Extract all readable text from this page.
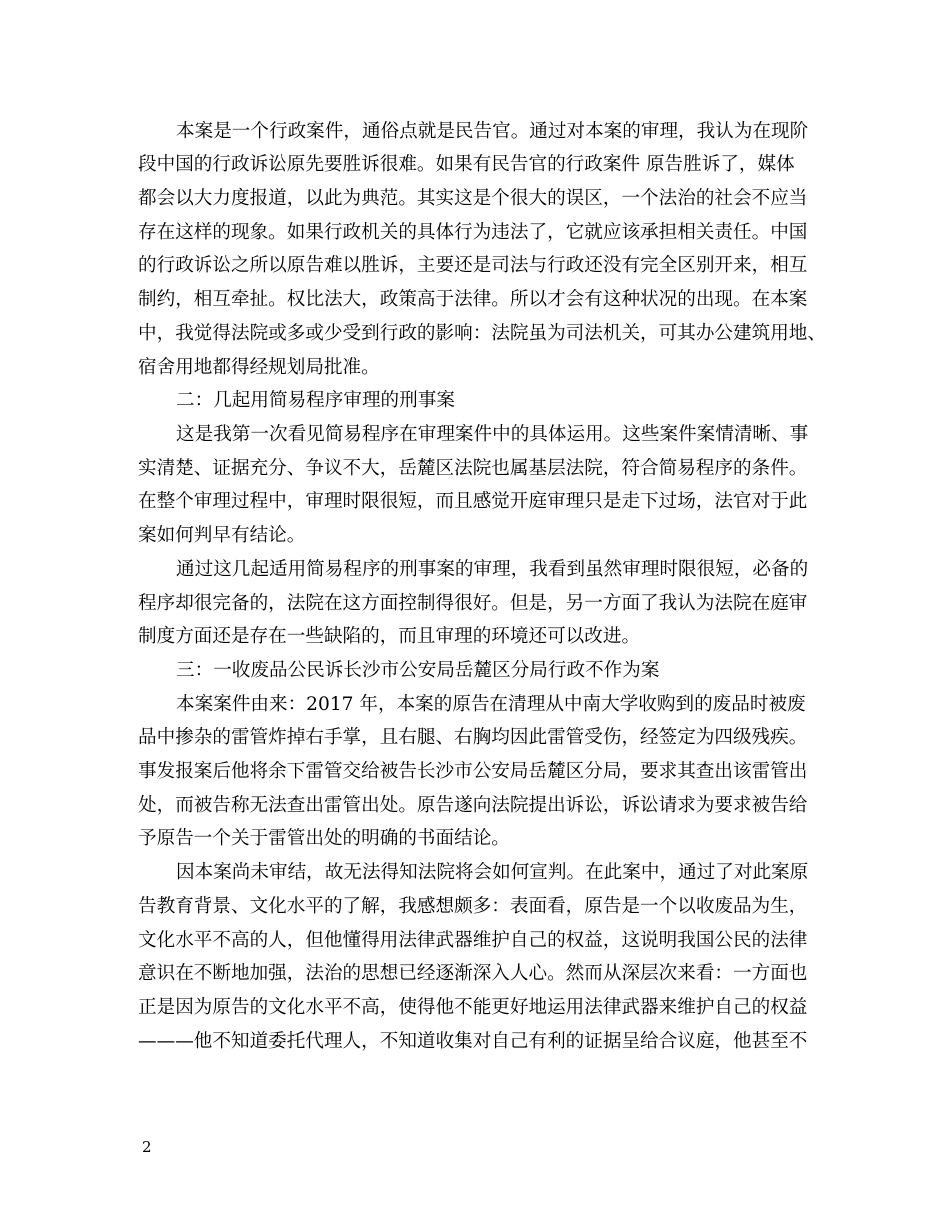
本案是一个行政案件，通俗点就是民告官。通过对本案的审理，我认为在现阶
段中国的行政诉讼原先要胜诉很难。如果有民告官的行政案件 原告胜诉了，媒体
都会以大力度报道，以此为典范。其实这是个很大的误区，一个法治的社会不应当
存在这样的现象。如果行政机关的具体行为违法了，它就应该承担相关责任。中国
的行政诉讼之所以原告难以胜诉，主要还是司法与行政还没有完全区别开来，相互
制约，相互牵扯。权比法大，政策高于法律。所以才会有这种状况的出现。在本案
中，我觉得法院或多或少受到行政的影响：法院虽为司法机关，可其办公建筑用地、
宿舍用地都得经规划局批准。
二：几起用简易程序审理的刑事案
这是我第一次看见简易程序在审理案件中的具体运用。这些案件案情清晰、事
实清楚、证据充分、争议不大，岳麓区法院也属基层法院，符合简易程序的条件。
在整个审理过程中，审理时限很短，而且感觉开庭审理只是走下过场，法官对于此
案如何判早有结论。
通过这几起适用简易程序的刑事案的审理，我看到虽然审理时限很短，必备的
程序却很完备的，法院在这方面控制得很好。但是，另一方面了我认为法院在庭审
制度方面还是存在一些缺陷的，而且审理的环境还可以改进。
三：一收废品公民诉长沙市公安局岳麓区分局行政不作为案
本案案件由来：2017 年，本案的原告在清理从中南大学收购到的废品时被废
品中掺杂的雷管炸掉右手掌，且右腿、右胸均因此雷管受伤，经签定为四级残疾。
事发报案后他将余下雷管交给被告长沙市公安局岳麓区分局，要求其查出该雷管出
处，而被告称无法查出雷管出处。原告遂向法院提出诉讼，诉讼请求为要求被告给
予原告一个关于雷管出处的明确的书面结论。
因本案尚未审结，故无法得知法院将会如何宣判。在此案中，通过了对此案原
告教育背景、文化水平的了解，我感想颇多：表面看，原告是一个以收废品为生，
文化水平不高的人，但他懂得用法律武器维护自己的权益，这说明我国公民的法律
意识在不断地加强，法治的思想已经逐渐深入人心。然而从深层次来看：一方面也
正是因为原告的文化水平不高，使得他不能更好地运用法律武器来维护自己的权益
———他不知道委托代理人，不知道收集对自己有利的证据呈给合议庭，他甚至不
2
